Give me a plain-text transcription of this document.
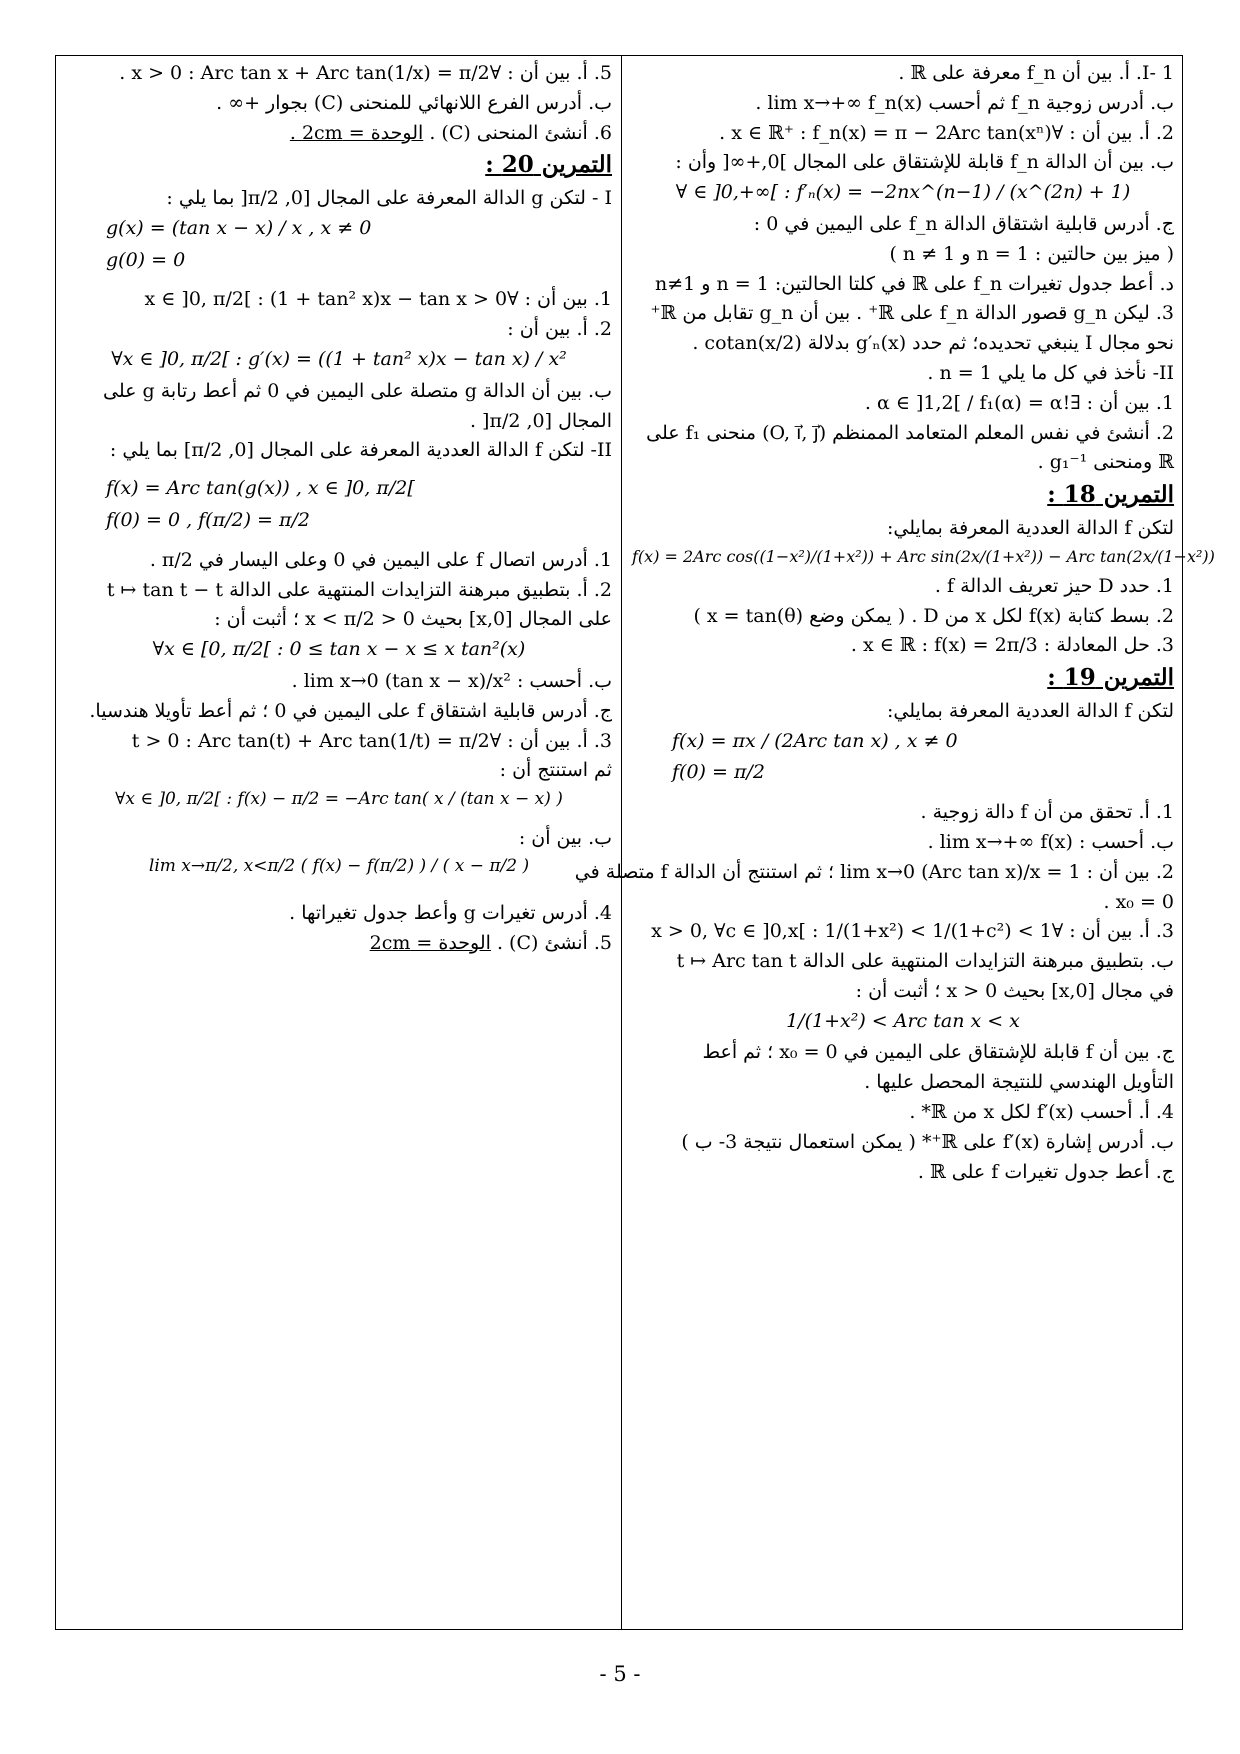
I- 1. أ. بين أن f_n معرفة على ℝ .
ب. أدرس زوجية f_n ثم أحسب lim x→+∞ f_n(x) .
2. أ. بين أن : ∀x ∈ ℝ⁺ : f_n(x) = π − 2Arc tan(xⁿ) .
ب. بين أن الدالة f_n قابلة للإشتقاق على المجال ]0,+∞[ وأن :
∀ ∈ ]0,+∞[ : f′ₙ(x) = −2nx^(n−1) / (x^(2n) + 1)
ج. أدرس قابلية اشتقاق الدالة f_n على اليمين في 0 :
( ميز بين حالتين : n = 1 و n ≠ 1 )
د. أعط جدول تغيرات f_n على ℝ في كلتا الحالتين: n = 1 و n≠1
3. ليكن g_n قصور الدالة f_n على ℝ⁺ . بين أن g_n تقابل من ℝ⁺
نحو مجال I ينبغي تحديده؛ ثم حدد g′ₙ(x) بدلالة cotan(x/2) .
II- نأخذ في كل ما يلي n = 1 .
1. بين أن : ∃!α ∈ ]1,2[ / f₁(α) = α .
2. أنشئ في نفس المعلم المتعامد الممنظم (O, i⃗, j⃗) منحنى f₁ على
ℝ ومنحنى g₁⁻¹ .
التمرين 18 :
لتكن f الدالة العددية المعرفة بمايلي:
f(x) = 2Arc cos((1−x²)/(1+x²)) + Arc sin(2x/(1+x²)) − Arc tan(2x/(1−x²))
1. حدد D حيز تعريف الدالة f .
2. بسط كتابة f(x) لكل x من D . ( يمكن وضع x = tan(θ) )
3. حل المعادلة : x ∈ ℝ : f(x) = 2π/3 .
التمرين 19 :
لتكن f الدالة العددية المعرفة بمايلي:
f(x) = πx / (2Arc tan x) , x ≠ 0
f(0) = π/2
1. أ. تحقق من أن f دالة زوجية .
ب. أحسب : lim x→+∞ f(x) .
2. بين أن : lim x→0 (Arc tan x)/x = 1 ؛ ثم استنتج أن الدالة f متصلة في
x₀ = 0 .
3. أ. بين أن : ∀x > 0, ∀c ∈ ]0,x[ : 1/(1+x²) < 1/(1+c²) < 1
ب. بتطبيق مبرهنة التزايدات المنتهية على الدالة t ↦ Arc tan t
في مجال [0,x] بحيث x > 0 ؛ أثبت أن :
1/(1+x²) < Arc tan x < x
ج. بين أن f قابلة للإشتقاق على اليمين في x₀ = 0 ؛ ثم أعط
التأويل الهندسي للنتيجة المحصل عليها .
4. أ. أحسب f′(x) لكل x من ℝ* .
ب. أدرس إشارة f′(x) على ℝ⁺* ( يمكن استعمال نتيجة 3- ب )
ج. أعط جدول تغيرات f على ℝ .
5. أ. بين أن : ∀x > 0 : Arc tan x + Arc tan(1/x) = π/2 .
ب. أدرس الفرع اللانهائي للمنحنى (C) بجوار +∞ .
6. أنشئ المنحنى (C) . الوحدة = 2cm .
التمرين 20 :
I - لتكن g الدالة المعرفة على المجال [0, π/2[ بما يلي :
g(x) = (tan x − x) / x , x ≠ 0
g(0) = 0
1. بين أن : ∀x ∈ ]0, π/2[ : (1 + tan² x)x − tan x > 0
2. أ. بين أن :
∀x ∈ ]0, π/2[ : g′(x) = ((1 + tan² x)x − tan x) / x²
ب. بين أن الدالة g متصلة على اليمين في 0 ثم أعط رتابة g على
المجال [0, π/2[ .
II- لتكن f الدالة العددية المعرفة على المجال [0, π/2] بما يلي :
f(x) = Arc tan(g(x)) , x ∈ ]0, π/2[
f(0) = 0 , f(π/2) = π/2
1. أدرس اتصال f على اليمين في 0 وعلى اليسار في π/2 .
2. أ. بتطبيق مبرهنة التزايدات المنتهية على الدالة t ↦ tan t − t
على المجال [0,x] بحيث 0 < x < π/2 ؛ أثبت أن :
∀x ∈ [0, π/2[ : 0 ≤ tan x − x ≤ x tan²(x)
ب. أحسب : lim x→0 (tan x − x)/x² .
ج. أدرس قابلية اشتقاق f على اليمين في 0 ؛ ثم أعط تأويلا هندسيا.
3. أ. بين أن : ∀t > 0 : Arc tan(t) + Arc tan(1/t) = π/2
ثم استنتج أن :
∀x ∈ ]0, π/2[ : f(x) − π/2 = −Arc tan( x / (tan x − x) )
ب. بين أن :
lim x→π/2, x<π/2 ( f(x) − f(π/2) ) / ( x − π/2 )
4. أدرس تغيرات g وأعط جدول تغيراتها .
5. أنشئ (C) . الوحدة = 2cm
- 5 -
